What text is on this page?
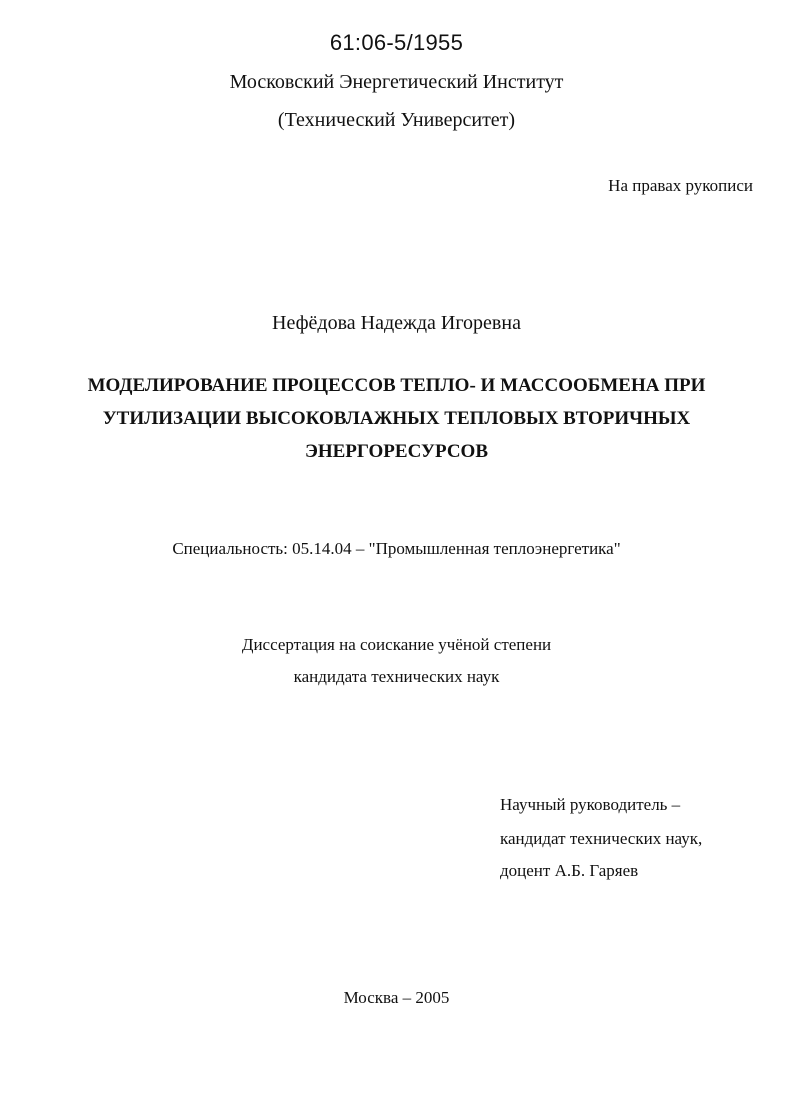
61:06-5/1955
Московский Энергетический Институт
(Технический Университет)
На правах рукописи
Нефёдова Надежда Игоревна
МОДЕЛИРОВАНИЕ ПРОЦЕССОВ ТЕПЛО- И МАССООБМЕНА ПРИ
УТИЛИЗАЦИИ ВЫСОКОВЛАЖНЫХ ТЕПЛОВЫХ ВТОРИЧНЫХ
ЭНЕРГОРЕСУРСОВ
Специальность: 05.14.04 – "Промышленная теплоэнергетика"
Диссертация на соискание учёной степени
кандидата технических наук
Научный руководитель –
кандидат технических наук,
доцент А.Б. Гаряев
Москва – 2005
